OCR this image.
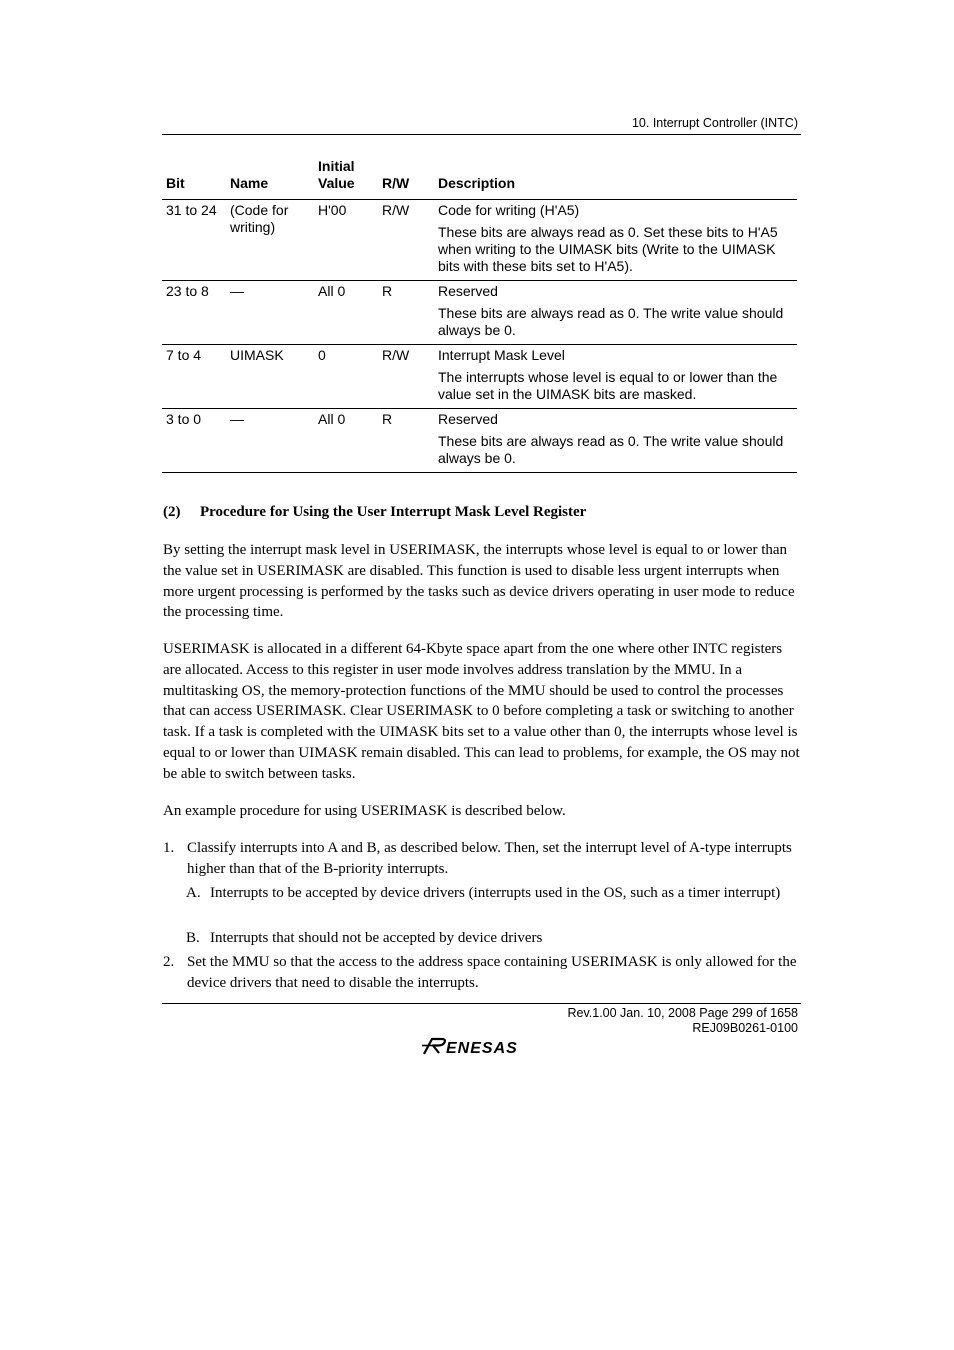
10. Interrupt Controller (INTC)
Bit	Name	Initial Value	R/W	Description
31 to 24	(Code for writing)	H'00	R/W	Code for writing (H'A5)

These bits are always read as 0. Set these bits to H'A5 when writing to the UIMASK bits (Write to the UIMASK bits with these bits set to H'A5).

23 to 8	—	All 0	R	Reserved

These bits are always read as 0. The write value should always be 0.

7 to 4	UIMASK	0	R/W	Interrupt Mask Level

The interrupts whose level is equal to or lower than the value set in the UIMASK bits are masked.

3 to 0	—	All 0	R	Reserved

These bits are always read as 0. The write value should always be 0.

(2) Procedure for Using the User Interrupt Mask Level Register

By setting the interrupt mask level in USERIMASK, the interrupts whose level is equal to or lower than the value set in USERIMASK are disabled. This function is used to disable less urgent interrupts when more urgent processing is performed by the tasks such as device drivers operating in user mode to reduce the processing time.

USERIMASK is allocated in a different 64-Kbyte space apart from the one where other INTC registers are allocated. Access to this register in user mode involves address translation by the MMU. In a multitasking OS, the memory-protection functions of the MMU should be used to control the processes that can access USERIMASK. Clear USERIMASK to 0 before completing a task or switching to another task. If a task is completed with the UIMASK bits set to a value other than 0, the interrupts whose level is equal to or lower than UIMASK remain disabled. This can lead to problems, for example, the OS may not be able to switch between tasks.

An example procedure for using USERIMASK is described below.

1. Classify interrupts into A and B, as described below. Then, set the interrupt level of A-type interrupts higher than that of the B-priority interrupts.
A. Interrupts to be accepted by device drivers (interrupts used in the OS, such as a timer interrupt)
B. Interrupts that should not be accepted by device drivers
2. Set the MMU so that the access to the address space containing USERIMASK is only allowed for the device drivers that need to disable the interrupts.
Rev.1.00 Jan. 10, 2008 Page 299 of 1658
REJ09B0261-0100
ENESAS
